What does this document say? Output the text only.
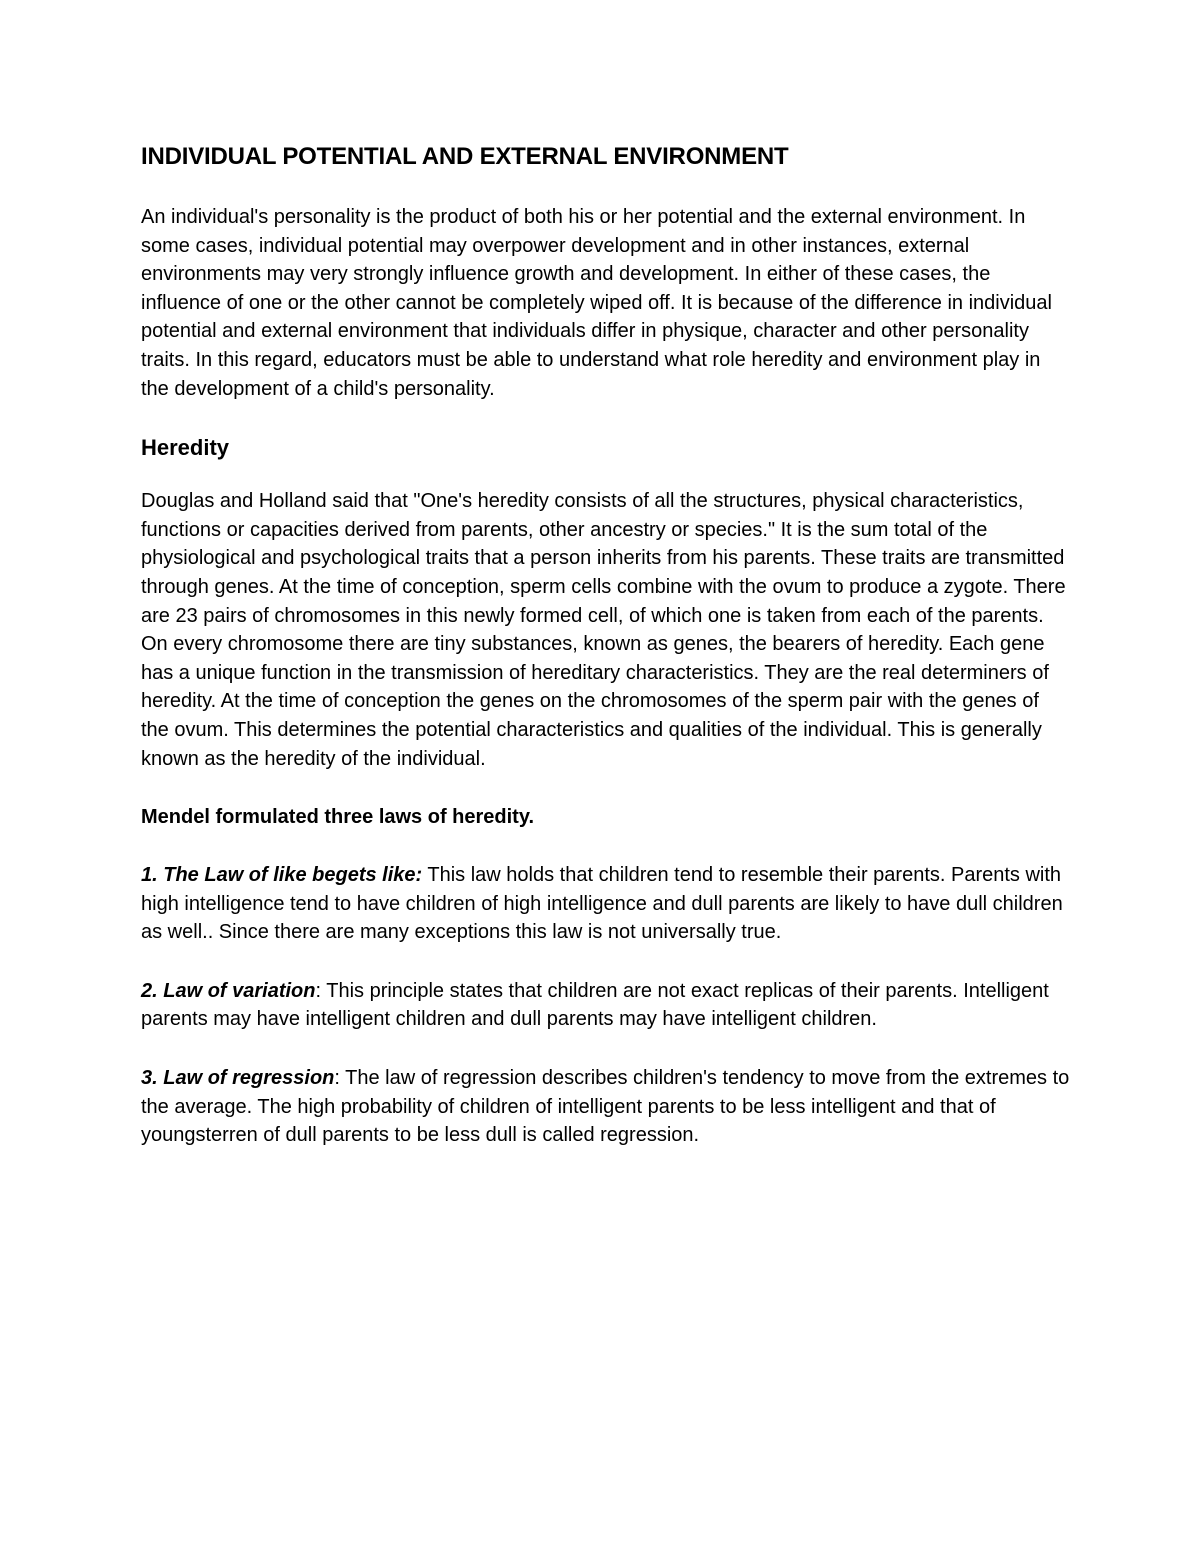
INDIVIDUAL POTENTIAL AND EXTERNAL ENVIRONMENT

An individual's personality is the product of both his or her potential and the external environment. In some cases, individual potential may overpower development and in other instances, external environments may very strongly influence growth and development. In either of these cases, the influence of one or the other cannot be completely wiped off. It is because of the difference in individual potential and external environment that individuals differ in physique, character and other personality traits. In this regard, educators must be able to understand what role heredity and environment play in the development of a child's personality.

Heredity

Douglas and Holland said that "One's heredity consists of all the structures, physical characteristics, functions or capacities derived from parents, other ancestry or species." It is the sum total of the physiological and psychological traits that a person inherits from his parents. These traits are transmitted through genes. At the time of conception, sperm cells combine with the ovum to produce a zygote. There are 23 pairs of chromosomes in this newly formed cell, of which one is taken from each of the parents. On every chromosome there are tiny substances, known as genes, the bearers of heredity. Each gene has a unique function in the transmission of hereditary characteristics. They are the real determiners of heredity. At the time of conception the genes on the chromosomes of the sperm pair with the genes of the ovum. This determines the potential characteristics and qualities of the individual. This is generally known as the heredity of the individual.

Mendel formulated three laws of heredity.

1. The Law of like begets like: This law holds that children tend to resemble their parents. Parents with high intelligence tend to have children of high intelligence and dull parents are likely to have dull children as well.. Since there are many exceptions this law is not universally true.

2. Law of variation: This principle states that children are not exact replicas of their parents. Intelligent parents may have intelligent children and dull parents may have intelligent children.

3. Law of regression: The law of regression describes children's tendency to move from the extremes to the average. The high probability of children of intelligent parents to be less intelligent and that of youngsterren of dull parents to be less dull is called regression.
